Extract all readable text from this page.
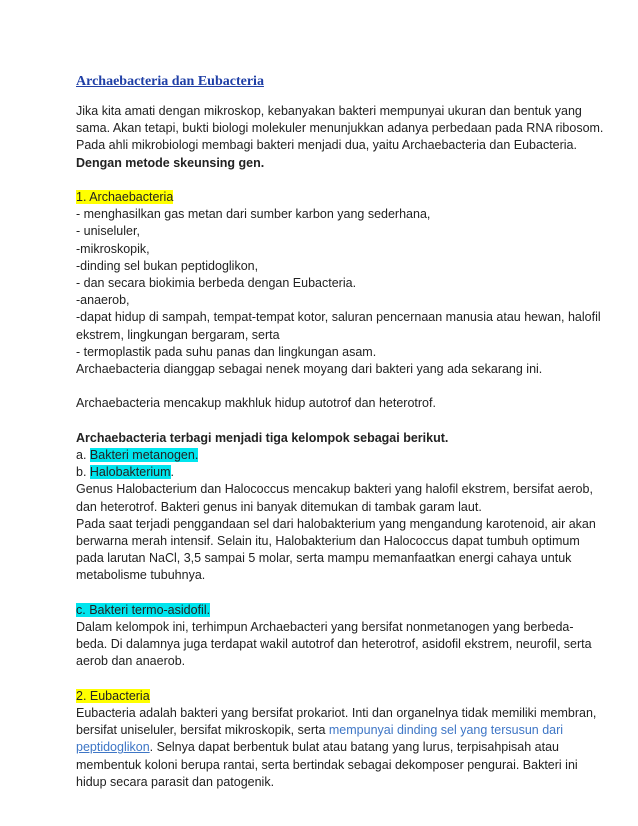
Archaebacteria dan Eubacteria
Jika kita amati dengan mikroskop, kebanyakan bakteri mempunyai ukuran dan bentuk yang
sama. Akan tetapi, bukti biologi molekuler menunjukkan adanya perbedaan pada RNA ribosom.
Pada ahli mikrobiologi membagi bakteri menjadi dua, yaitu Archaebacteria dan Eubacteria.
Dengan metode skeunsing gen.
1. Archaebacteria
- menghasilkan gas metan dari sumber karbon yang sederhana,
- uniseluler,
-mikroskopik,
-dinding sel bukan peptidoglikon,
- dan secara biokimia berbeda dengan Eubacteria.
-anaerob,
-dapat hidup di sampah, tempat-tempat kotor, saluran pencernaan manusia atau hewan, halofil
ekstrem, lingkungan bergaram, serta
- termoplastik pada suhu panas dan lingkungan asam.
Archaebacteria dianggap sebagai nenek moyang dari bakteri yang ada sekarang ini.
Archaebacteria mencakup makhluk hidup autotrof dan heterotrof.
Archaebacteria terbagi menjadi tiga kelompok sebagai berikut.
a. Bakteri metanogen.
b. Halobakterium.
Genus Halobacterium dan Halococcus mencakup bakteri yang halofil ekstrem, bersifat aerob,
dan heterotrof. Bakteri genus ini banyak ditemukan di tambak garam laut.
Pada saat terjadi penggandaan sel dari halobakterium yang mengandung karotenoid, air akan
berwarna merah intensif. Selain itu, Halobakterium dan Halococcus dapat tumbuh optimum
pada larutan NaCl, 3,5 sampai 5 molar, serta mampu memanfaatkan energi cahaya untuk
metabolisme tubuhnya.
c. Bakteri termo-asidofil.
Dalam kelompok ini, terhimpun Archaebacteri yang bersifat nonmetanogen yang berbeda-
beda. Di dalamnya juga terdapat wakil autotrof dan heterotrof, asidofil ekstrem, neurofil, serta
aerob dan anaerob.
2. Eubacteria
Eubacteria adalah bakteri yang bersifat prokariot. Inti dan organelnya tidak memiliki membran,
bersifat uniseluler, bersifat mikroskopik, serta mempunyai dinding sel yang tersusun dari
peptidoglikon. Selnya dapat berbentuk bulat atau batang yang lurus, terpisahpisah atau
membentuk koloni berupa rantai, serta bertindak sebagai dekomposer pengurai. Bakteri ini
hidup secara parasit dan patogenik.
